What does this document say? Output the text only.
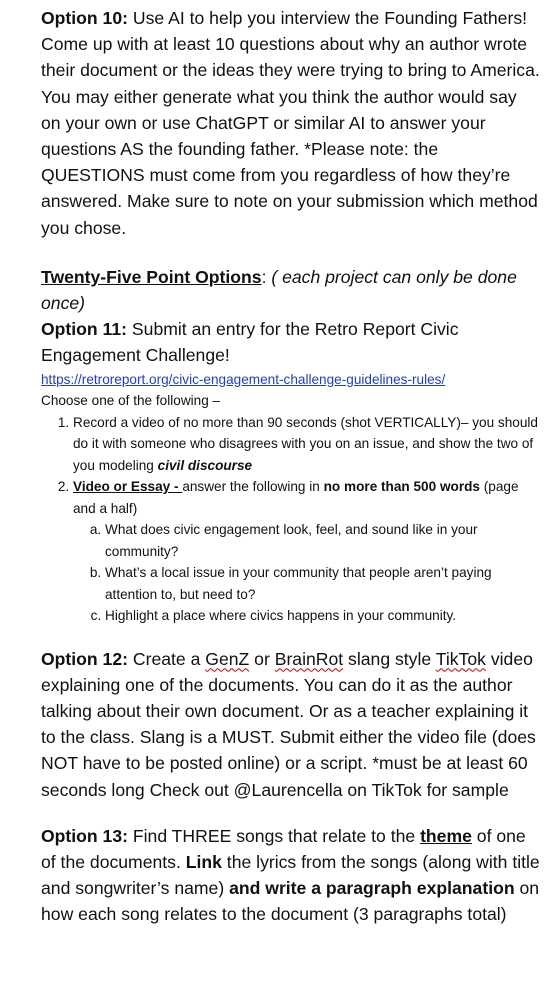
Option 10: Use AI to help you interview the Founding Fathers! Come up with at least 10 questions about why an author wrote their document or the ideas they were trying to bring to America. You may either generate what you think the author would say on your own or use ChatGPT or similar AI to answer your questions AS the founding father. *Please note: the QUESTIONS must come from you regardless of how they’re answered. Make sure to note on your submission which method you chose.

Twenty-Five Point Options: ( each project can only be done once)

Option 11: Submit an entry for the Retro Report Civic Engagement Challenge!

https://retroreport.org/civic-engagement-challenge-guidelines-rules/

Choose one of the following –

1. Record a video of no more than 90 seconds (shot VERTICALLY)– you should do it with someone who disagrees with you on an issue, and show the two of you modeling civil discourse
2. Video or Essay - answer the following in no more than 500 words (page and a half)
a. What does civic engagement look, feel, and sound like in your community?
b. What’s a local issue in your community that people aren’t paying attention to, but need to?
c. Highlight a place where civics happens in your community.

Option 12: Create a GenZ or BrainRot slang style TikTok video explaining one of the documents. You can do it as the author talking about their own document. Or as a teacher explaining it to the class. Slang is a MUST. Submit either the video file (does NOT have to be posted online) or a script. *must be at least 60 seconds long Check out @Laurencella on TikTok for sample

Option 13: Find THREE songs that relate to the theme of one of the documents. Link the lyrics from the songs (along with title and songwriter’s name) and write a paragraph explanation on how each song relates to the document (3 paragraphs total)
